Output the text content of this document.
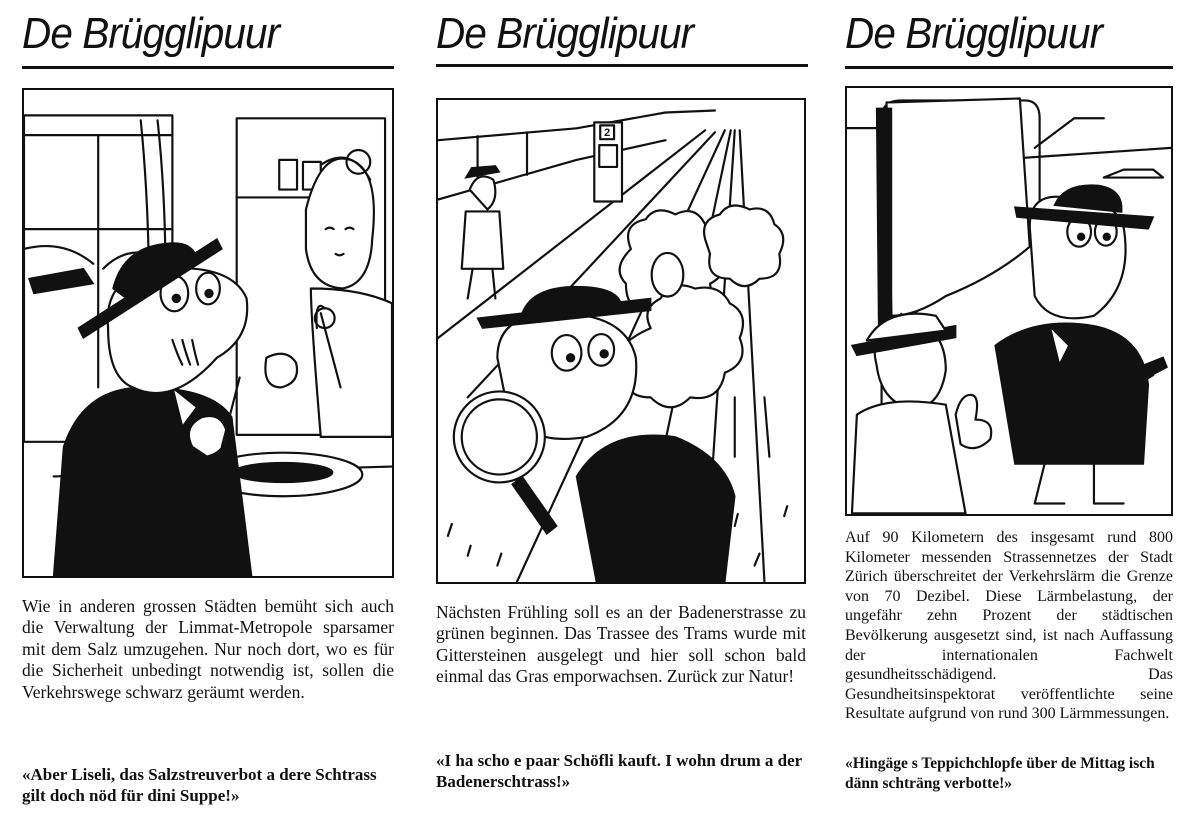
De Brügglipuur

Wie in anderen grossen Städten bemüht sich auch die Verwaltung der Limmat-Metropole sparsamer mit dem Salz umzugehen. Nur noch dort, wo es für die Sicherheit unbedingt notwendig ist, sollen die Verkehrswege schwarz geräumt werden.

«Aber Liseli, das Salzstreuverbot a dere Schtrass gilt doch nöd für dini Suppe!»

De Brügglipuur
2

Nächsten Frühling soll es an der Badenerstrasse zu grünen beginnen. Das Trassee des Trams wurde mit Gittersteinen ausgelegt und hier soll schon bald einmal das Gras emporwachsen. Zurück zur Natur!

«I ha scho e paar Schöfli kauft. I wohn drum a der Badenerschtrass!»

De Brügglipuur

Auf 90 Kilometern des insgesamt rund 800 Kilometer messenden Strassennetzes der Stadt Zürich überschreitet der Verkehrslärm die Grenze von 70 Dezibel. Diese Lärmbelastung, der ungefähr zehn Prozent der städtischen Bevölkerung ausgesetzt sind, ist nach Auffassung der internationalen Fachwelt gesundheitsschädigend. Das Gesundheitsinspektorat veröffentlichte seine Resultate aufgrund von rund 300 Lärmmessungen.

«Hingäge s Teppichchlopfe über de Mittag isch dänn schträng verbotte!»
